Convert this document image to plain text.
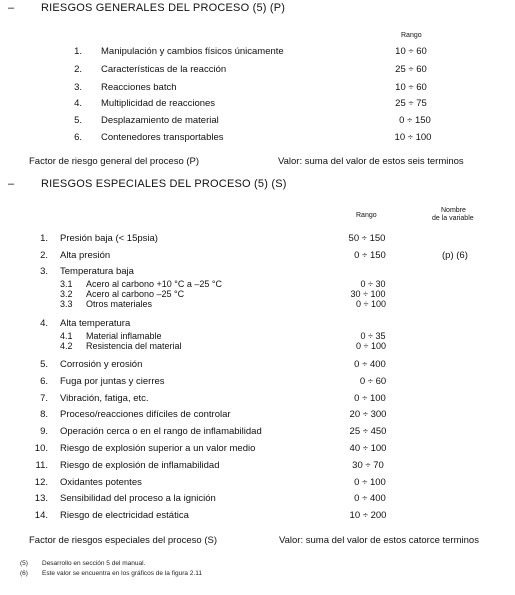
– RIESGOS GENERALES DEL PROCESO (5) (P)
Rango
1. Manipulación y cambios físicos únicamente	10 ÷ 60
2. Características de la reacción	25 ÷ 60
3. Reacciones batch	10 ÷ 60
4. Multiplicidad de reacciones	25 ÷ 75
5. Desplazamiento de material	0 ÷ 150
6. Contenedores transportables	10 ÷ 100
Factor de riesgo general del proceso (P)	Valor: suma del valor de estos seis terminos
– RIESGOS ESPECIALES DEL PROCESO (5) (S)
Rango
Nombre
de la variable
1. Presión baja (< 15psia)	50 ÷ 150
2. Alta presión	0 ÷ 150	(p) (6)
3. Temperatura baja
3.1 Acero al carbono +10 °C a –25 °C	0 ÷ 30
3.2 Acero al carbono –25 °C	30 ÷ 100
3.3 Otros materiales	0 ÷ 100
4. Alta temperatura
4.1 Material inflamable	0 ÷ 35
4.2 Resistencia del material	0 ÷ 100
5. Corrosión y erosión	0 ÷ 400
6. Fuga por juntas y cierres	0 ÷ 60
7. Vibración, fatiga, etc.	0 ÷ 100
8. Proceso/reacciones difíciles de controlar	20 ÷ 300
9. Operación cerca o en el rango de inflamabilidad	25 ÷ 450
10. Riesgo de explosión superior a un valor medio	40 ÷ 100
11. Riesgo de explosión de inflamabilidad	30 ÷ 70
12. Oxidantes potentes	0 ÷ 100
13. Sensibilidad del proceso a la ignición	0 ÷ 400
14. Riesgo de electricidad estática	10 ÷ 200
Factor de riesgos especiales del proceso (S)	Valor: suma del valor de estos catorce terminos
(5) Desarrollo en sección 5 del manual.
(6) Este valor se encuentra en los gráficos de la figura 2.11
